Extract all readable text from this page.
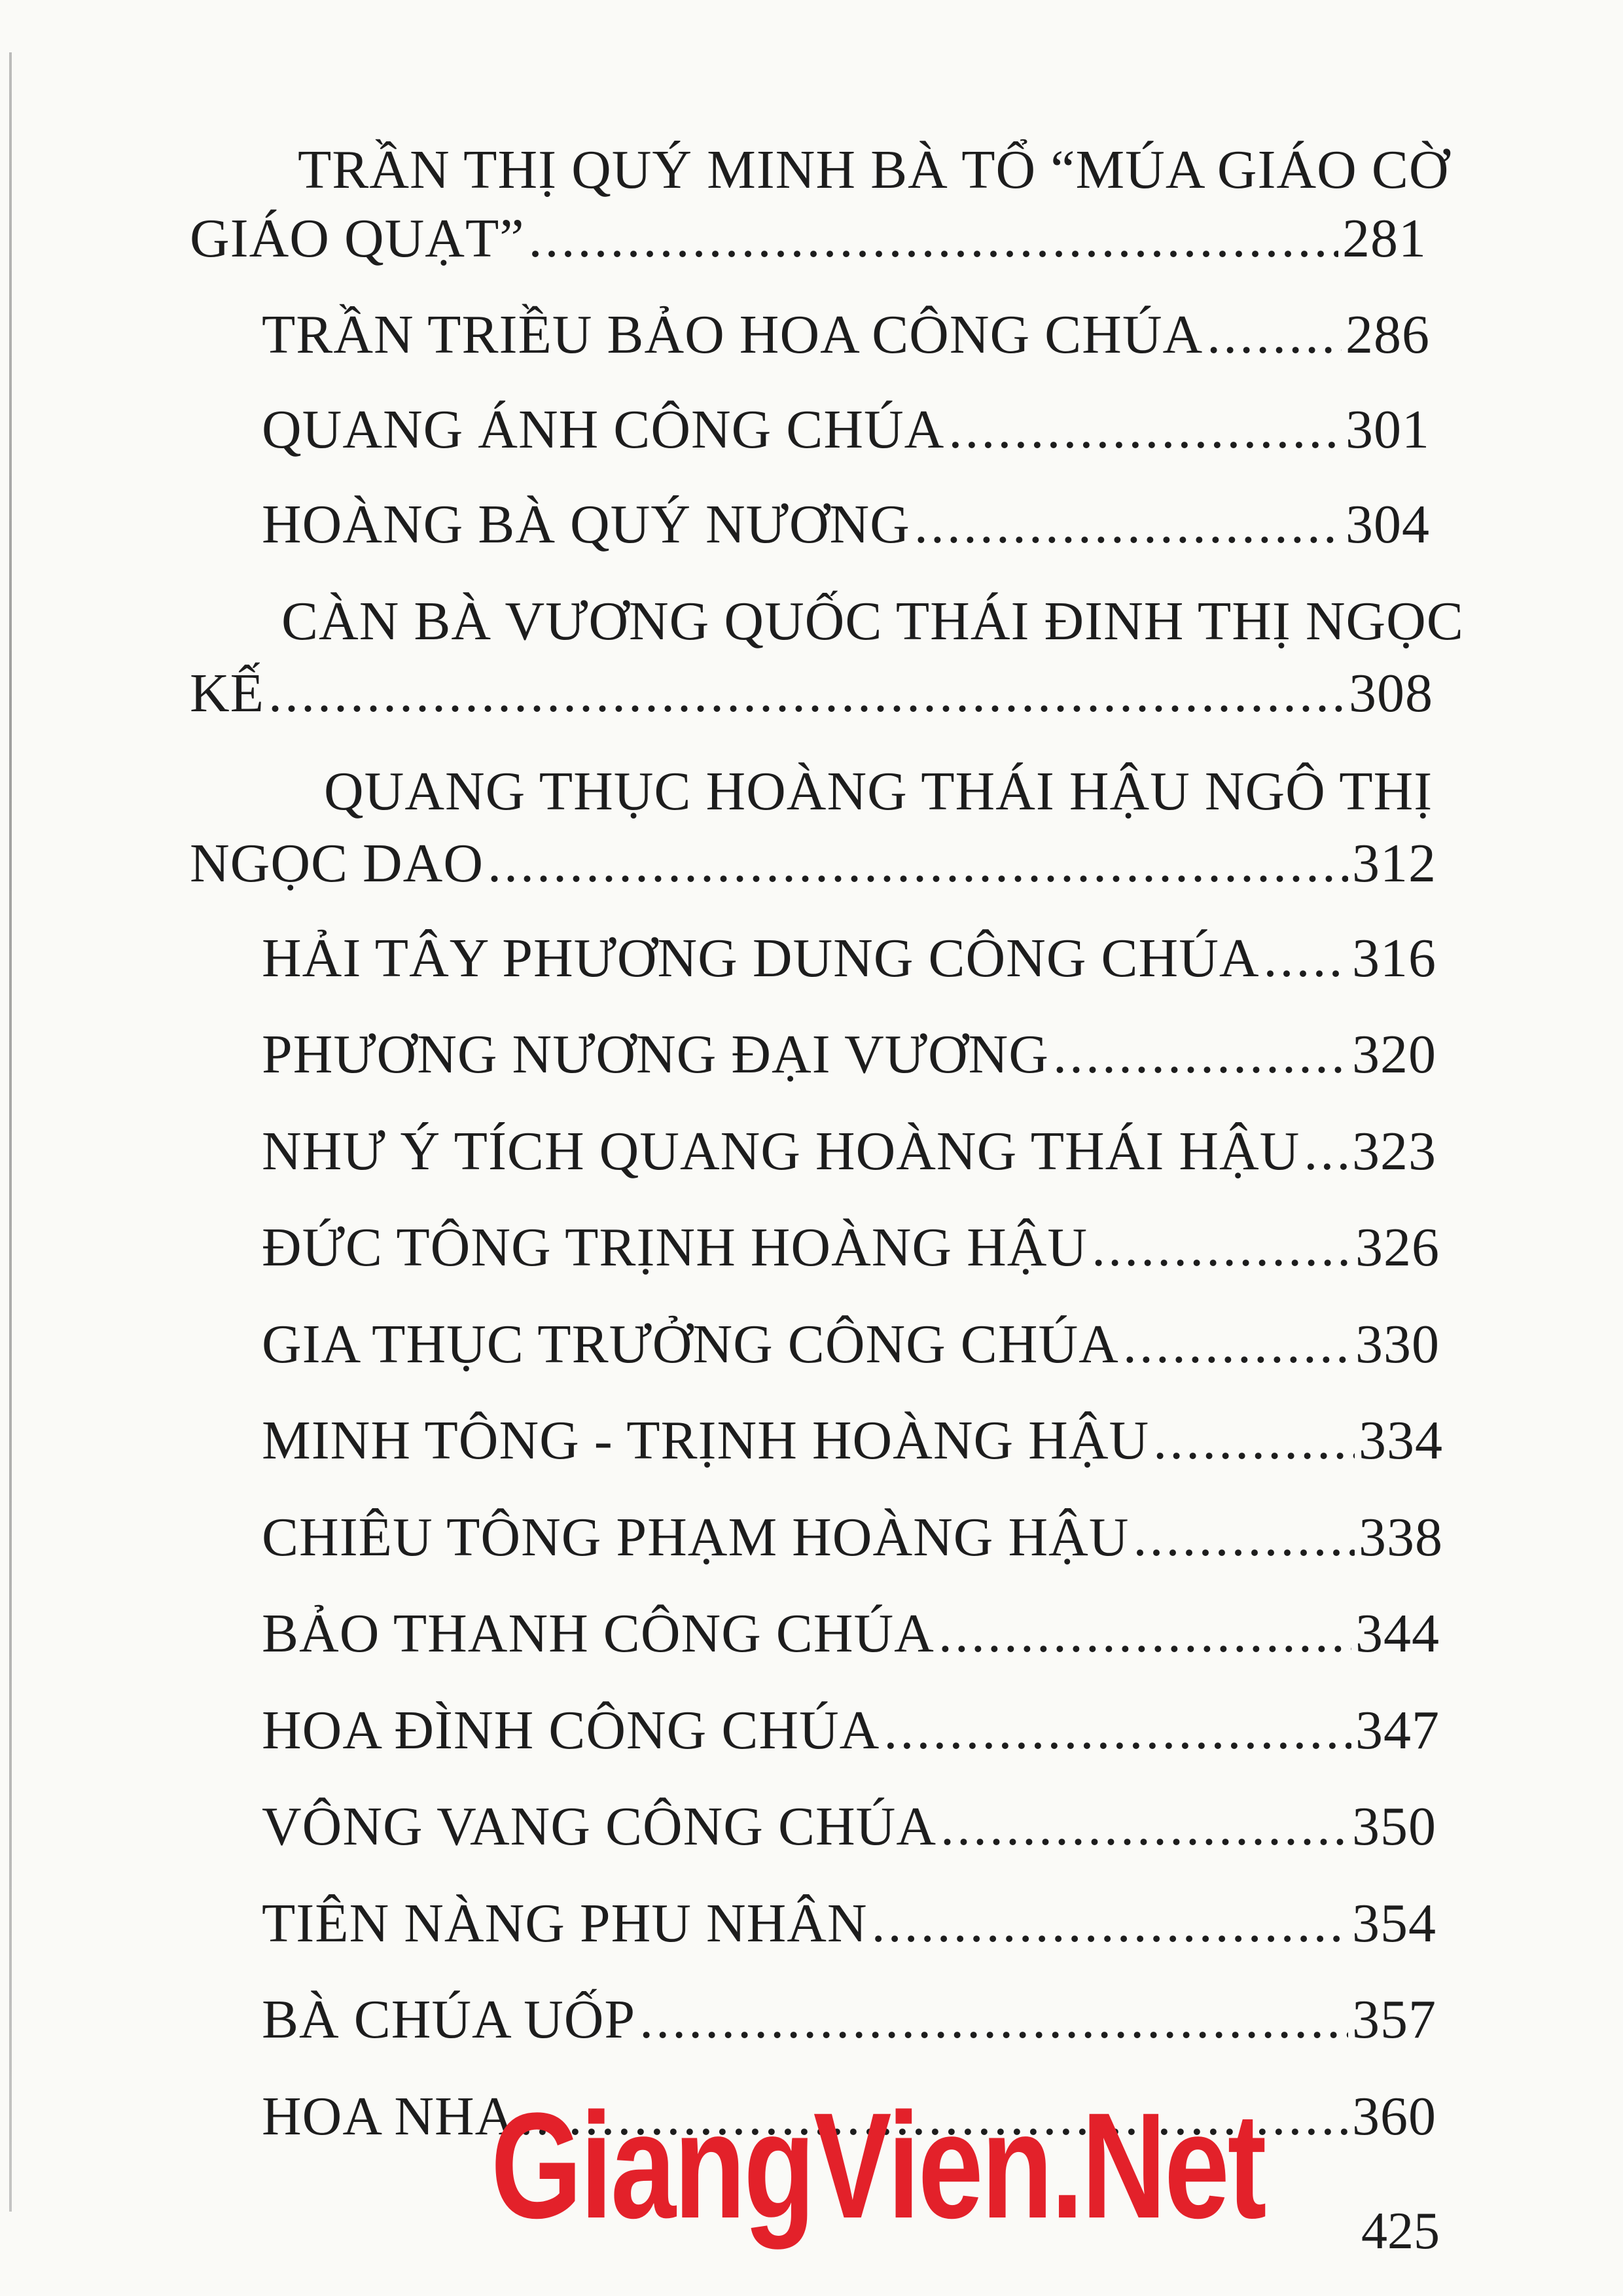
TRẦN THỊ QUÝ MINH BÀ TỔ “MÚA GIÁO CỜ
GIÁO QUẠT” .....	281
TRẦN TRIỀU BẢO HOA CÔNG CHÚA .....	286
QUANG ÁNH CÔNG CHÚA .....	301
HOÀNG BÀ QUÝ NƯƠNG .....	304
CÀN BÀ VƯƠNG QUỐC THÁI ĐINH THỊ NGỌC
KẾ .....	308
QUANG THỤC HOÀNG THÁI HẬU NGÔ THỊ
NGỌC DAO .....	312
HẢI TÂY PHƯƠNG DUNG CÔNG CHÚA ..... 316
PHƯƠNG NƯƠNG ĐẠI VƯƠNG .....	320
NHƯ Ý TÍCH QUANG HOÀNG THÁI HẬU ..... 323
ĐỨC TÔNG TRỊNH HOÀNG HẬU .....	326
GIA THỤC TRƯỞNG CÔNG CHÚA .....	330
MINH TÔNG - TRỊNH HOÀNG HẬU .....	334
CHIÊU TÔNG PHẠM HOÀNG HẬU .....	338
BẢO THANH CÔNG CHÚA .....	344
HOA ĐÌNH CÔNG CHÚA .....	347
VÔNG VANG CÔNG CHÚA .....	350
TIÊN NÀNG PHU NHÂN .....	354
BÀ CHÚA UỐP .....	357
HOA NHA .....	360
GiangVien.Net 425
